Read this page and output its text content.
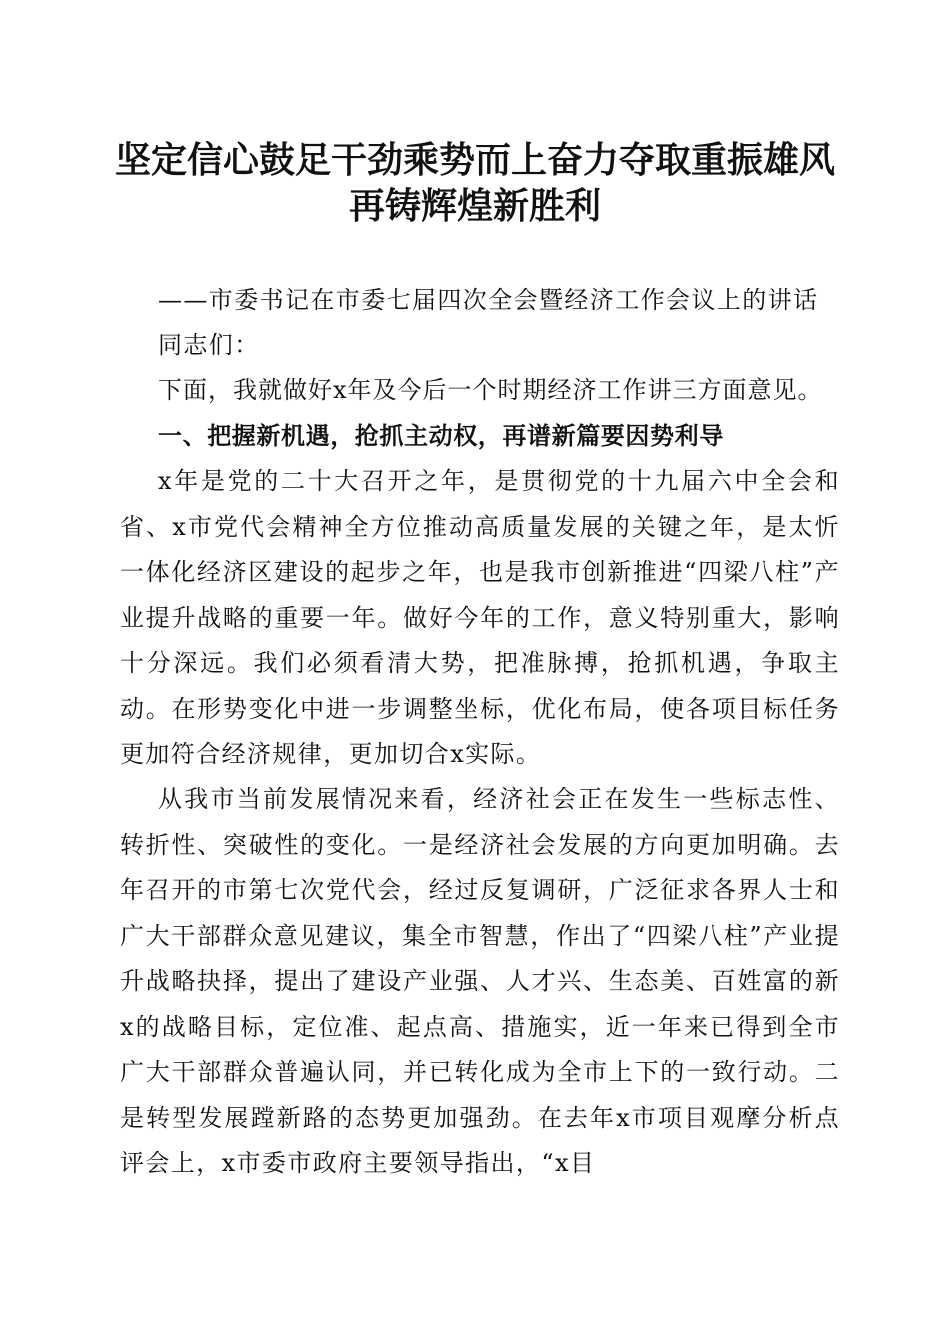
坚定信心鼓足干劲乘势而上奋力夺取重振雄风
再铸辉煌新胜利

——市委书记在市委七届四次全会暨经济工作会议上的讲话

同志们：

下面，我就做好x年及今后一个时期经济工作讲三方面意见。

一、把握新机遇，抢抓主动权，再谱新篇要因势利导

x年是党的二十大召开之年，是贯彻党的十九届六中全会和省、x市党代会精神全方位推动高质量发展的关键之年，是太忻一体化经济区建设的起步之年，也是我市创新推进“四梁八柱”产业提升战略的重要一年。做好今年的工作，意义特别重大，影响十分深远。我们必须看清大势，把准脉搏，抢抓机遇，争取主动。在形势变化中进一步调整坐标，优化布局，使各项目标任务更加符合经济规律，更加切合x实际。

从我市当前发展情况来看，经济社会正在发生一些标志性、转折性、突破性的变化。一是经济社会发展的方向更加明确。去年召开的市第七次党代会，经过反复调研，广泛征求各界人士和广大干部群众意见建议，集全市智慧，作出了“四梁八柱”产业提升战略抉择，提出了建设产业强、人才兴、生态美、百姓富的新x的战略目标，定位准、起点高、措施实，近一年来已得到全市广大干部群众普遍认同，并已转化成为全市上下的一致行动。二是转型发展蹚新路的态势更加强劲。在去年x市项目观摩分析点评会上，x市委市政府主要领导指出，“x目
